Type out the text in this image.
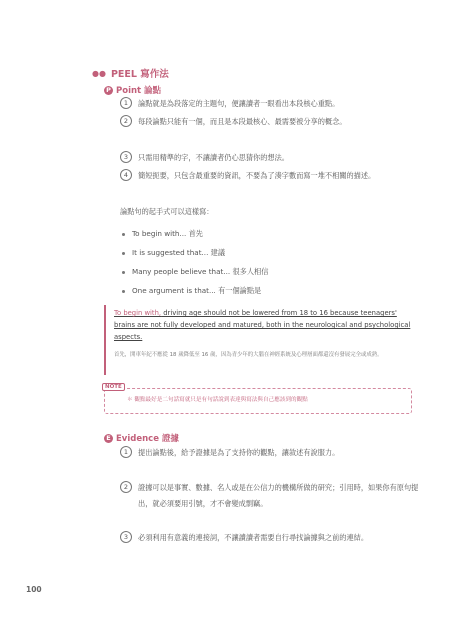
●● PEEL 寫作法
P Point 論點
1	論點就是為段落定的主題句，便讓讀者一眼看出本段核心重點。
2	每段論點只能有一個，而且是本段最核心、最需要被分享的概念。
3	只需用精準的字，不讓讀者仍心思猜你的想法。
4	簡短扼要，只包含最重要的資訊，不要為了湊字數而寫一堆不相關的描述。
論點句的起手式可以這樣寫：
To begin with... 首先
It is suggested that... 建議
Many people believe that... 很多人相信
One argument is that... 有一個論點是
To begin with, driving age should not be lowered from 18 to 16 because teenagers' brains are not fully developed and matured, both in the neurological and psychological aspects.
首先，開車年紀不應從 18 歲降低至 16 歲，因為青少年的大腦在神經系統及心理層面都還沒有發展完全或成熟。
NOTE
＊ 觀點最好是二句話寫就只是有句話說到表達與寫法與自己應該到的觀點
E Evidence 證據
1	提出論點後，給予證據是為了支持你的觀點，讓敘述有說服力。
2	證據可以是事實、數據、名人或是在公信力的機構所做的研究；引用時，如果你有原句提出，就必須要用引號，才不會變成剽竊。
3	必須利用有意義的連接詞，不讓讀讀者需要自行尋找論據與之前的連結。
100
